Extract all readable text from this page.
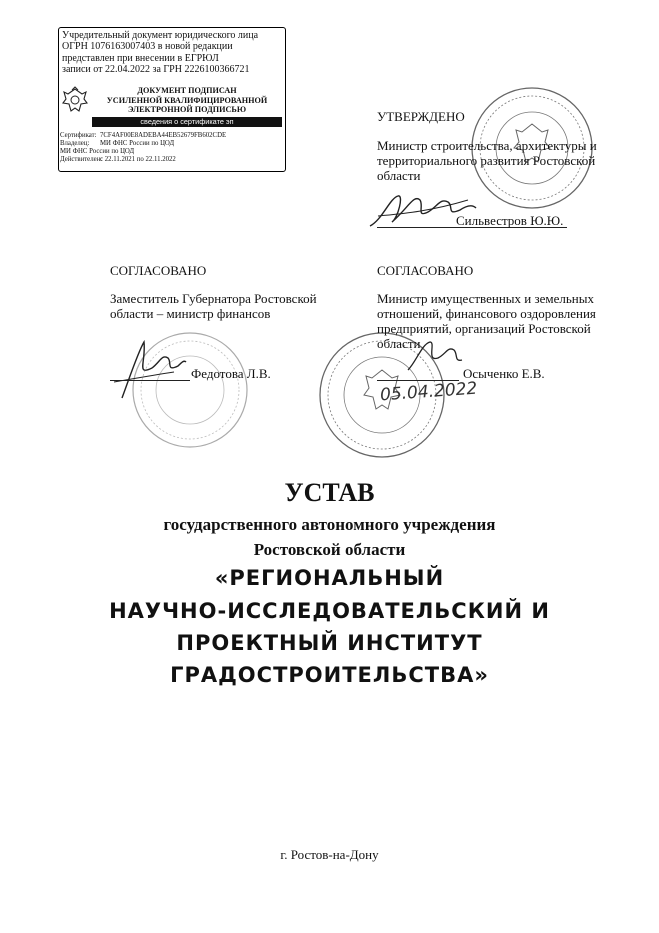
Учредительный документ юридического лица
ОГРН 1076163007403 в новой редакции
представлен при внесении в ЕГРЮЛ
записи от 22.04.2022 за ГРН 2226100366721
ДОКУМЕНТ ПОДПИСАН
УСИЛЕННОЙ КВАЛИФИЦИРОВАННОЙ
ЭЛЕКТРОННОЙ ПОДПИСЬЮ
сведения о сертификате эп
Сертификат: 7CF4AF00E8ADEBA44EB52679FB602CDE
Владелец: МИ ФНС России по ЦОД
МИ ФНС России по ЦОД
Действителен:с 22.11.2021 по 22.11.2022
УТВЕРЖДЕНО
Министр строительства, архитектуры и территориального развития Ростовской области
Сильвестров Ю.Ю.
СОГЛАСОВАНО
Заместитель Губернатора Ростовской области – министр финансов
Федотова Л.В.
СОГЛАСОВАНО
Министр имущественных и земельных отношений, финансового оздоровления предприятий, организаций Ростовской области
Осыченко Е.В.
05.04.2022
УСТАВ
государственного автономного учреждения
Ростовской области
«РЕГИОНАЛЬНЫЙ
НАУЧНО-ИССЛЕДОВАТЕЛЬСКИЙ И
ПРОЕКТНЫЙ ИНСТИТУТ
ГРАДОСТРОИТЕЛЬСТВА»
г. Ростов-на-Дону
